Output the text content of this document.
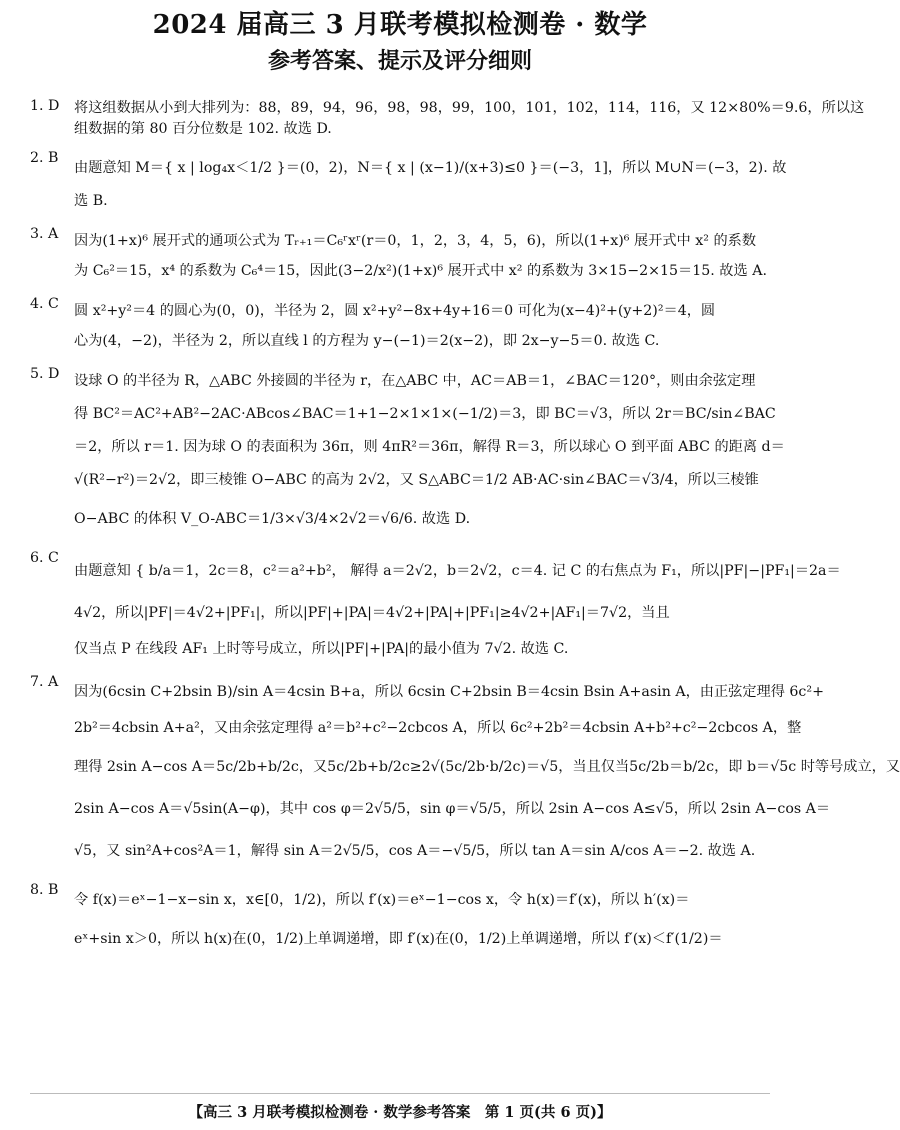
2024 届高三 3 月联考模拟检测卷 · 数学
参考答案、提示及评分细则
1. D	将这组数据从小到大排列为：88，89，94，96，98，98，99，100，101，102，114，116，又 12×80%＝9.6，所以这
组数据的第 80 百分位数是 102. 故选 D.
2. B
由题意知 M＝{ x | log₄x＜1/2 }＝(0，2)，N＝{ x | (x−1)/(x+3)≤0 }＝(−3，1]，所以 M∪N＝(−3，2). 故
选 B.
3. A	因为(1+x)⁶ 展开式的通项公式为 Tᵣ₊₁＝C₆ʳxʳ(r＝0，1，2，3，4，5，6)，所以(1+x)⁶ 展开式中 x² 的系数
为 C₆²＝15，x⁴ 的系数为 C₆⁴＝15，因此(3−2/x²)(1+x)⁶ 展开式中 x² 的系数为 3×15−2×15＝15. 故选 A.
4. C	圆 x²+y²＝4 的圆心为(0，0)，半径为 2，圆 x²+y²−8x+4y+16＝0 可化为(x−4)²+(y+2)²＝4，圆
心为(4，−2)，半径为 2，所以直线 l 的方程为 y−(−1)＝2(x−2)，即 2x−y−5＝0. 故选 C.
5. D	设球 O 的半径为 R，△ABC 外接圆的半径为 r，在△ABC 中，AC＝AB＝1，∠BAC＝120°，则由余弦定理
得 BC²＝AC²+AB²−2AC·ABcos∠BAC＝1+1−2×1×1×(−1/2)＝3，即 BC＝√3，所以 2r＝BC/sin∠BAC
＝2，所以 r＝1. 因为球 O 的表面积为 36π，则 4πR²＝36π，解得 R＝3，所以球心 O 到平面 ABC 的距离 d＝
√(R²−r²)＝2√2，即三棱锥 O−ABC 的高为 2√2，又 S△ABC＝1/2 AB·AC·sin∠BAC＝√3/4，所以三棱锥
O−ABC 的体积 V_O-ABC＝1/3×√3/4×2√2＝√6/6. 故选 D.
6. C
由题意知 { b/a＝1，2c＝8，c²＝a²+b²， 解得 a＝2√2，b＝2√2，c＝4. 记 C 的右焦点为 F₁，所以|PF|−|PF₁|＝2a＝
4√2，所以|PF|＝4√2+|PF₁|，所以|PF|+|PA|＝4√2+|PA|+|PF₁|≥4√2+|AF₁|＝7√2，当且
仅当点 P 在线段 AF₁ 上时等号成立，所以|PF|+|PA|的最小值为 7√2. 故选 C.
7. A
因为(6csin C+2bsin B)/sin A＝4csin B+a，所以 6csin C+2bsin B＝4csin Bsin A+asin A，由正弦定理得 6c²+
2b²＝4cbsin A+a²，又由余弦定理得 a²＝b²+c²−2cbcos A，所以 6c²+2b²＝4cbsin A+b²+c²−2cbcos A，整
理得 2sin A−cos A＝5c/2b+b/2c，又5c/2b+b/2c≥2√(5c/2b·b/2c)＝√5，当且仅当5c/2b＝b/2c，即 b＝√5c 时等号成立，又
2sin A−cos A＝√5sin(A−φ)，其中 cos φ＝2√5/5，sin φ＝√5/5，所以 2sin A−cos A≤√5，所以 2sin A−cos A＝
√5，又 sin²A+cos²A＝1，解得 sin A＝2√5/5，cos A＝−√5/5，所以 tan A＝sin A/cos A＝−2. 故选 A.
8. B
令 f(x)＝eˣ−1−x−sin x，x∈[0，1/2)，所以 f′(x)＝eˣ−1−cos x，令 h(x)＝f′(x)，所以 h′(x)＝
eˣ+sin x＞0，所以 h(x)在(0，1/2)上单调递增，即 f′(x)在(0，1/2)上单调递增，所以 f′(x)＜f′(1/2)＝
【高三 3 月联考模拟检测卷 · 数学参考答案　第 1 页(共 6 页)】
